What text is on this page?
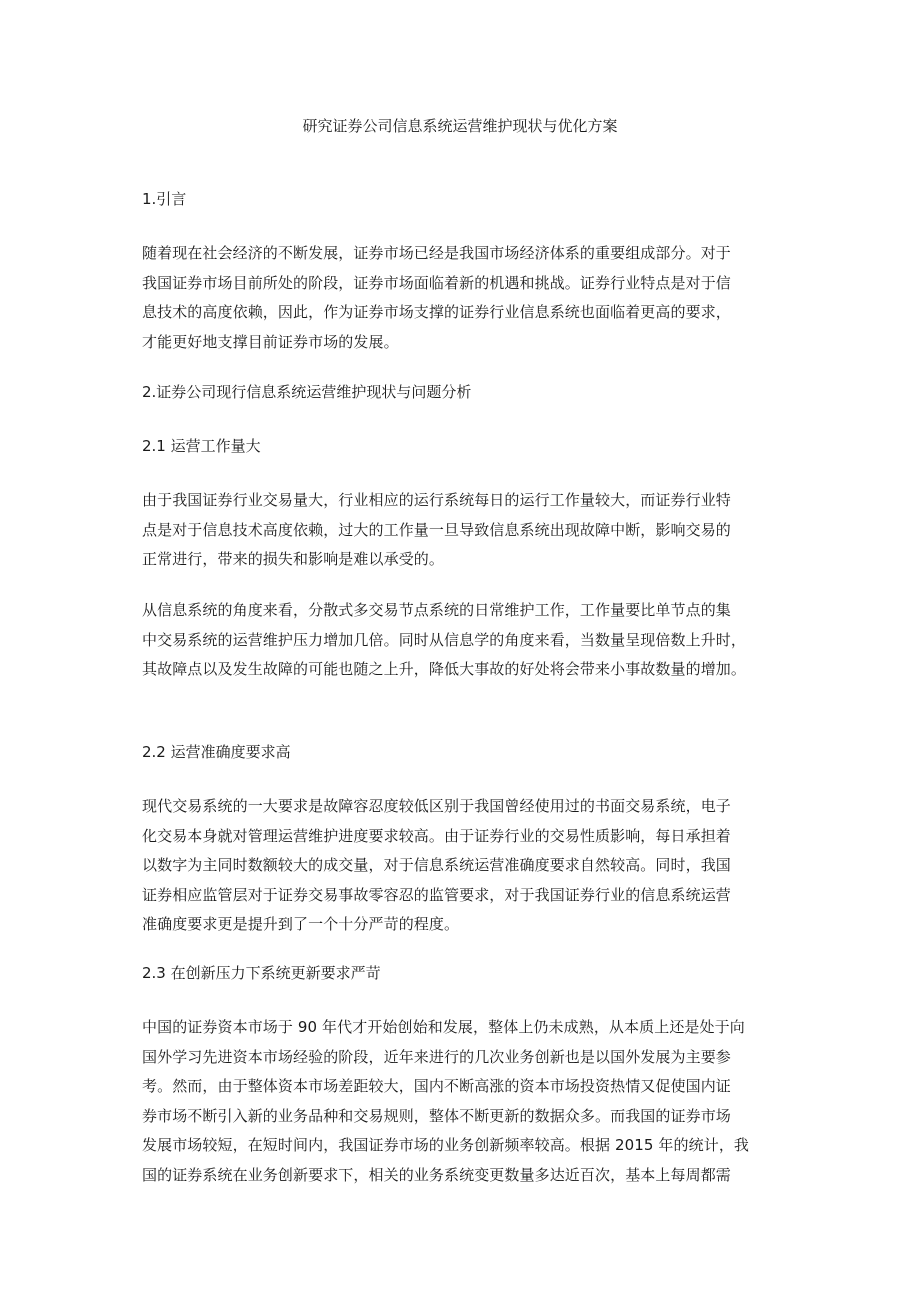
研究证券公司信息系统运营维护现状与优化方案
1.引言
随着现在社会经济的不断发展，证券市场已经是我国市场经济体系的重要组成部分。对于
我国证券市场目前所处的阶段，证券市场面临着新的机遇和挑战。证券行业特点是对于信
息技术的高度依赖，因此，作为证券市场支撑的证券行业信息系统也面临着更高的要求，
才能更好地支撑目前证券市场的发展。
2.证券公司现行信息系统运营维护现状与问题分析
2.1 运营工作量大
由于我国证券行业交易量大，行业相应的运行系统每日的运行工作量较大，而证券行业特
点是对于信息技术高度依赖，过大的工作量一旦导致信息系统出现故障中断，影响交易的
正常进行，带来的损失和影响是难以承受的。
从信息系统的角度来看，分散式多交易节点系统的日常维护工作，工作量要比单节点的集
中交易系统的运营维护压力增加几倍。同时从信息学的角度来看，当数量呈现倍数上升时，
其故障点以及发生故障的可能也随之上升，降低大事故的好处将会带来小事故数量的增加。
2.2 运营准确度要求高
现代交易系统的一大要求是故障容忍度较低区别于我国曾经使用过的书面交易系统，电子
化交易本身就对管理运营维护进度要求较高。由于证券行业的交易性质影响，每日承担着
以数字为主同时数额较大的成交量，对于信息系统运营准确度要求自然较高。同时，我国
证券相应监管层对于证券交易事故零容忍的监管要求，对于我国证券行业的信息系统运营
准确度要求更是提升到了一个十分严苛的程度。
2.3 在创新压力下系统更新要求严苛
中国的证券资本市场于 90 年代才开始创始和发展，整体上仍未成熟，从本质上还是处于向
国外学习先进资本市场经验的阶段，近年来进行的几次业务创新也是以国外发展为主要参
考。然而，由于整体资本市场差距较大，国内不断高涨的资本市场投资热情又促使国内证
券市场不断引入新的业务品种和交易规则，整体不断更新的数据众多。而我国的证券市场
发展市场较短，在短时间内，我国证券市场的业务创新频率较高。根据 2015 年的统计，我
国的证券系统在业务创新要求下，相关的业务系统变更数量多达近百次，基本上每周都需
